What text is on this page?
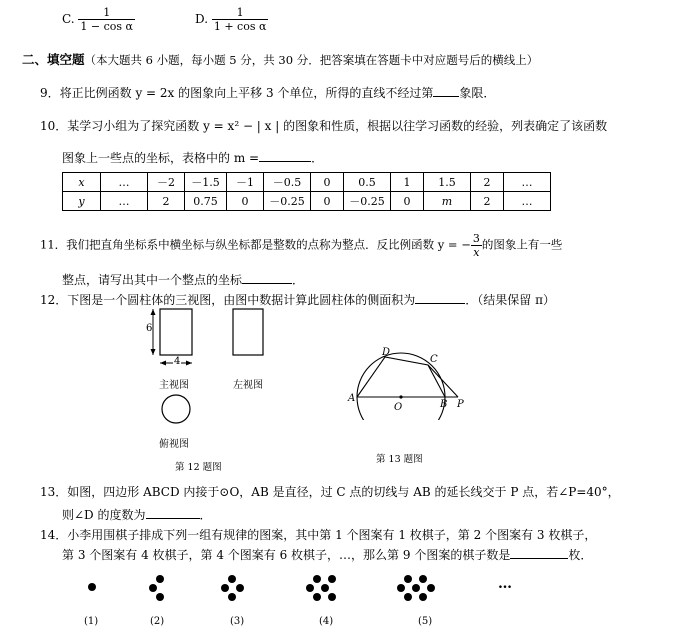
C. $\frac{1}{\text{1 − cos α}}$	D. $\frac{1}{\text{1 + cos α}}$
二、填空题（本大题共 6 小题，每小题 5 分，共 30 分．把答案填在答题卡中对应题号后的横线上）
9．将正比例函数 y = 2x 的图象向上平移 3 个单位，所得的直线不经过第 象限．
10．某学习小组为了探究函数 y = x² − | x | 的图象和性质，根据以往学习函数的经验，列表确定了该函数
图象上一些点的坐标，表格中的 m =	．
x	…	－2	－1.5	－1	－0.5	0	0.5	1	1.5	2	…
y	…	2	0.75	0	－0.25	0	－0.25	0	m	2	…
11．我们把直角坐标系中横坐标与纵坐标都是整数的点称为整点．反比例函数 y = − $\frac{3}{x}$ 的图象上有一些
整点，请写出其中一个整点的坐标	．
12．下图是一个圆柱体的三视图，由图中数据计算此圆柱体的侧面积为	．（结果保留 π）
6
4
主视图	左视图
俯视图
第 12 题图
A
D
C
O	B P
第 13 题图
13．如图，四边形 ABCD 内接于⊙O，AB 是直径，过 C 点的切线与 AB 的延长线交于 P 点，若∠P=40°，
则∠D 的度数为	．
14．小李用围棋子排成下列一组有规律的图案，其中第 1 个图案有 1 枚棋子，第 2 个图案有 3 枚棋子，
第 3 个图案有 4 枚棋子，第 4 个图案有 6 枚棋子，…，那么第 9 个图案的棋子数是	枚．
…
(1)	(2)	(3)	(4)	(5)
